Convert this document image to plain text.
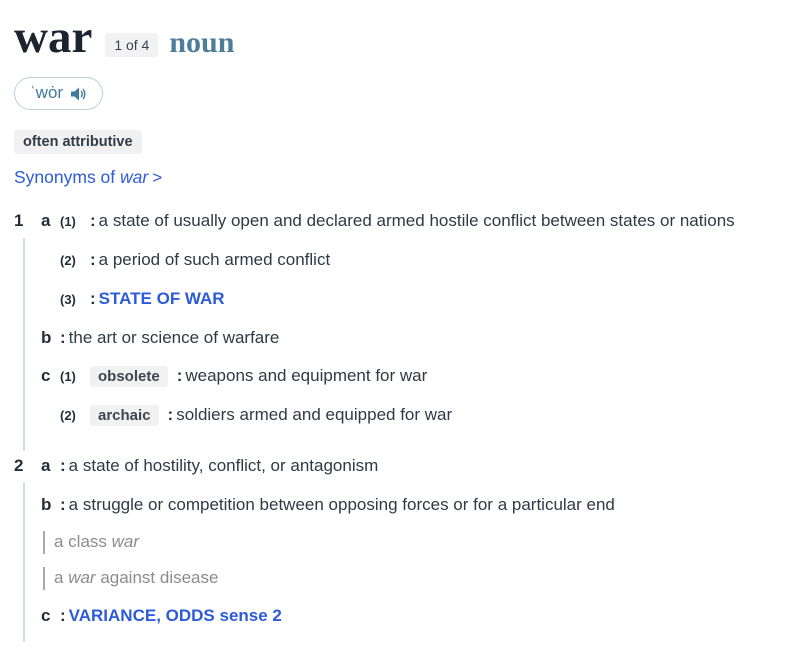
war	1 of 4 noun
ˈwȯr
often attributive
Synonyms of war >
1	a (1) : a state of usually open and declared armed hostile conflict between states or nations
(2) : a period of such armed conflict
(3) : STATE OF WAR
b : the art or science of warfare
c (1)	obsolete : weapons and equipment for war
(2)	archaic : soldiers armed and equipped for war
2	a : a state of hostility, conflict, or antagonism
b : a struggle or competition between opposing forces or for a particular end
a class war
a war against disease
c : VARIANCE, ODDS sense 2
